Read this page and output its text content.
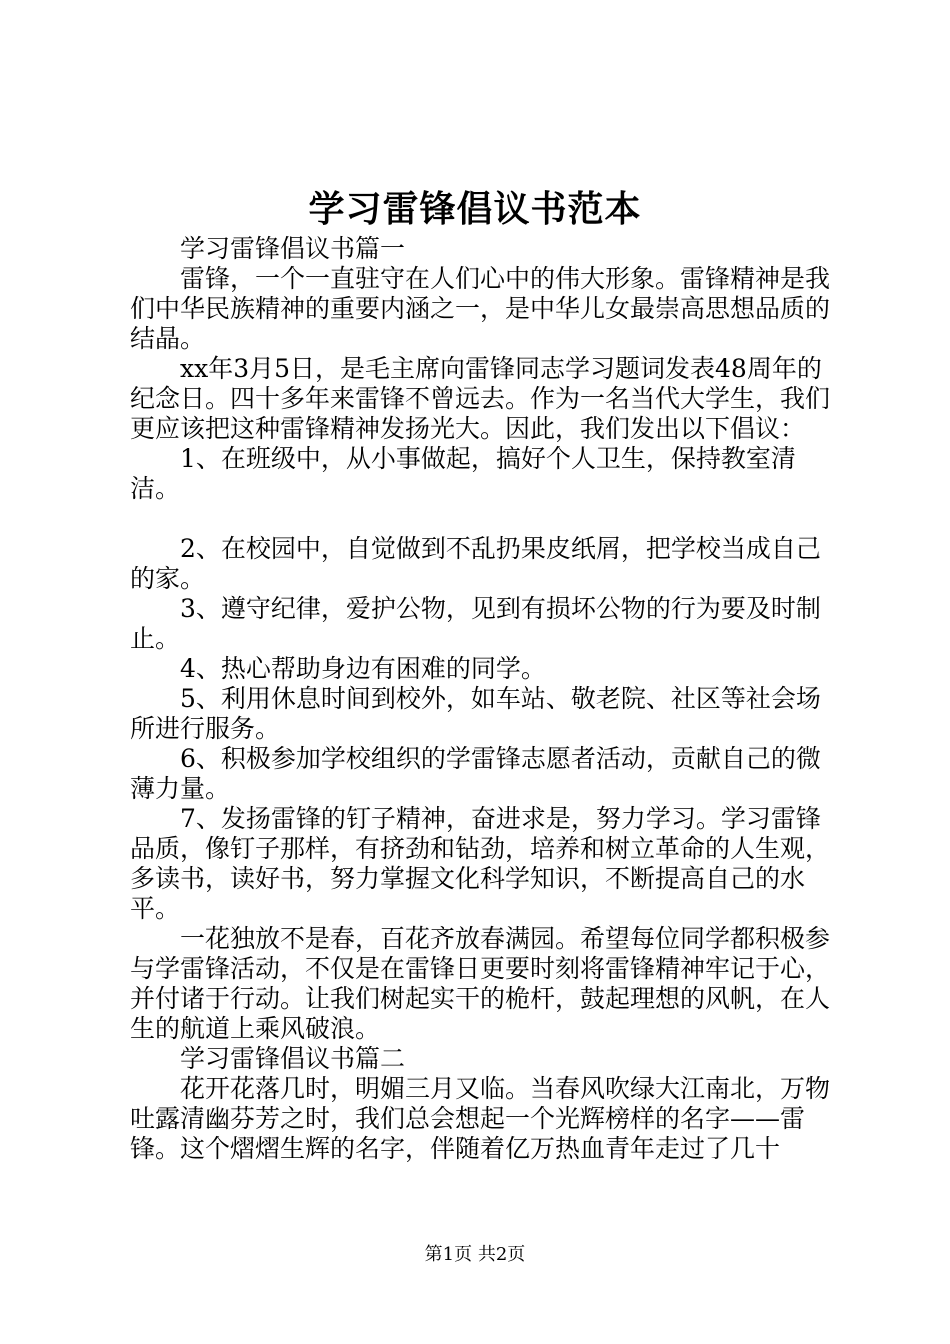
学习雷锋倡议书范本

学习雷锋倡议书篇一

雷锋，一个一直驻守在人们心中的伟大形象。雷锋精神是我们中华民族精神的重要内涵之一，是中华儿女最崇高思想品质的结晶。

xx年3月5日，是毛主席向雷锋同志学习题词发表48周年的纪念日。四十多年来雷锋不曾远去。作为一名当代大学生，我们更应该把这种雷锋精神发扬光大。因此，我们发出以下倡议：

1、在班级中，从小事做起，搞好个人卫生，保持教室清洁。

2、在校园中，自觉做到不乱扔果皮纸屑，把学校当成自己的家。

3、遵守纪律，爱护公物，见到有损坏公物的行为要及时制止。

4、热心帮助身边有困难的同学。

5、利用休息时间到校外，如车站、敬老院、社区等社会场所进行服务。

6、积极参加学校组织的学雷锋志愿者活动，贡献自己的微薄力量。

7、发扬雷锋的钉子精神，奋进求是，努力学习。学习雷锋品质，像钉子那样，有挤劲和钻劲，培养和树立革命的人生观，多读书，读好书，努力掌握文化科学知识，不断提高自己的水平。

一花独放不是春，百花齐放春满园。希望每位同学都积极参与学雷锋活动，不仅是在雷锋日更要时刻将雷锋精神牢记于心，并付诸于行动。让我们树起实干的桅杆，鼓起理想的风帆，在人生的航道上乘风破浪。

学习雷锋倡议书篇二

花开花落几时，明媚三月又临。当春风吹绿大江南北，万物吐露清幽芬芳之时，我们总会想起一个光辉榜样的名字——雷锋。这个熠熠生辉的名字，伴随着亿万热血青年走过了几十

第1页 共2页
